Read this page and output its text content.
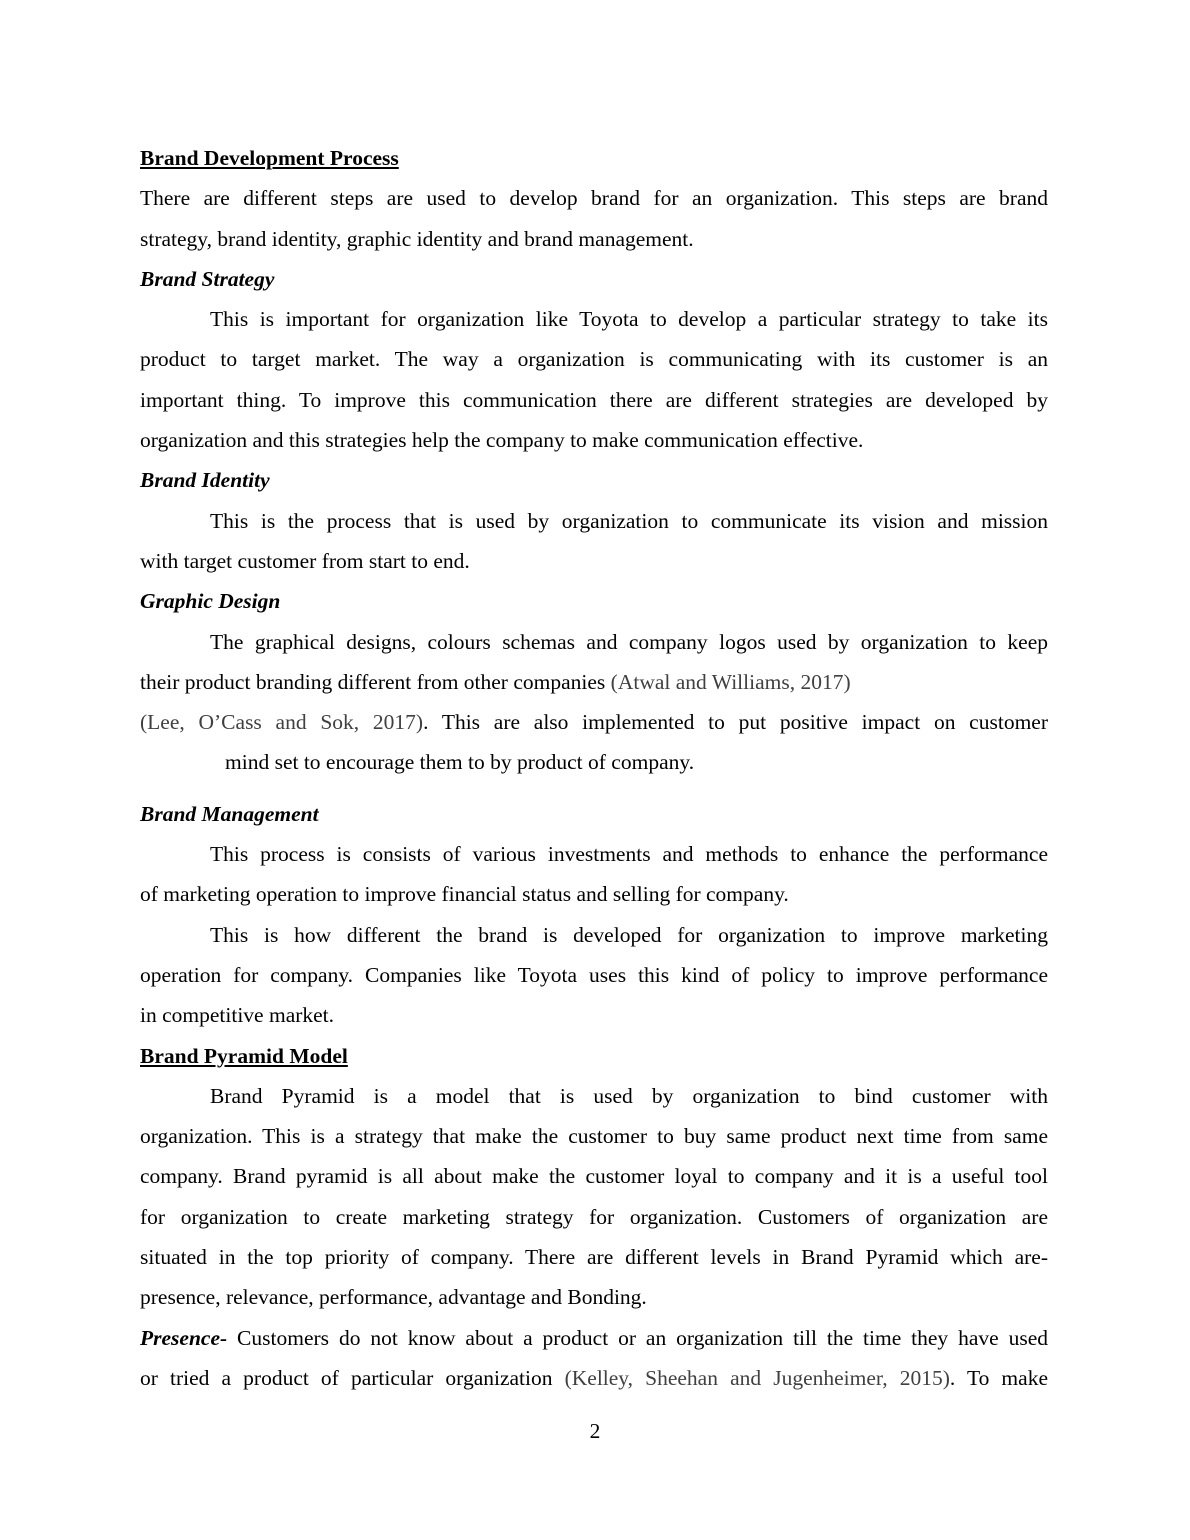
Brand Development Process
There are different steps are used to develop brand for an organization. This steps are brand
strategy, brand identity, graphic identity and brand management.
Brand Strategy
This is important for organization like Toyota to develop a particular strategy to take its
product to target market. The way a organization is communicating with its customer is an
important thing. To improve this communication there are different strategies are developed by
organization and this strategies help the company to make communication effective.
Brand Identity
This is the process that is used by organization to communicate its vision and mission
with target customer from start to end.
Graphic Design
The graphical designs, colours schemas and company logos used by organization to keep
their product branding different from other companies (Atwal and Williams, 2017)
(Lee, O’Cass and Sok, 2017). This are also implemented to put positive impact on customer
mind set to encourage them to by product of company.
Brand Management
This process is consists of various investments and methods to enhance the performance
of marketing operation to improve financial status and selling for company.
This is how different the brand is developed for organization to improve marketing
operation for company. Companies like Toyota uses this kind of policy to improve performance
in competitive market.
Brand Pyramid Model
Brand Pyramid is a model that is used by organization to bind customer with
organization. This is a strategy that make the customer to buy same product next time from same
company. Brand pyramid is all about make the customer loyal to company and it is a useful tool
for organization to create marketing strategy for organization. Customers of organization are
situated in the top priority of company. There are different levels in Brand Pyramid which are-
presence, relevance, performance, advantage and Bonding.
Presence- Customers do not know about a product or an organization till the time they have used
or tried a product of particular organization (Kelley, Sheehan and Jugenheimer, 2015). To make
2
